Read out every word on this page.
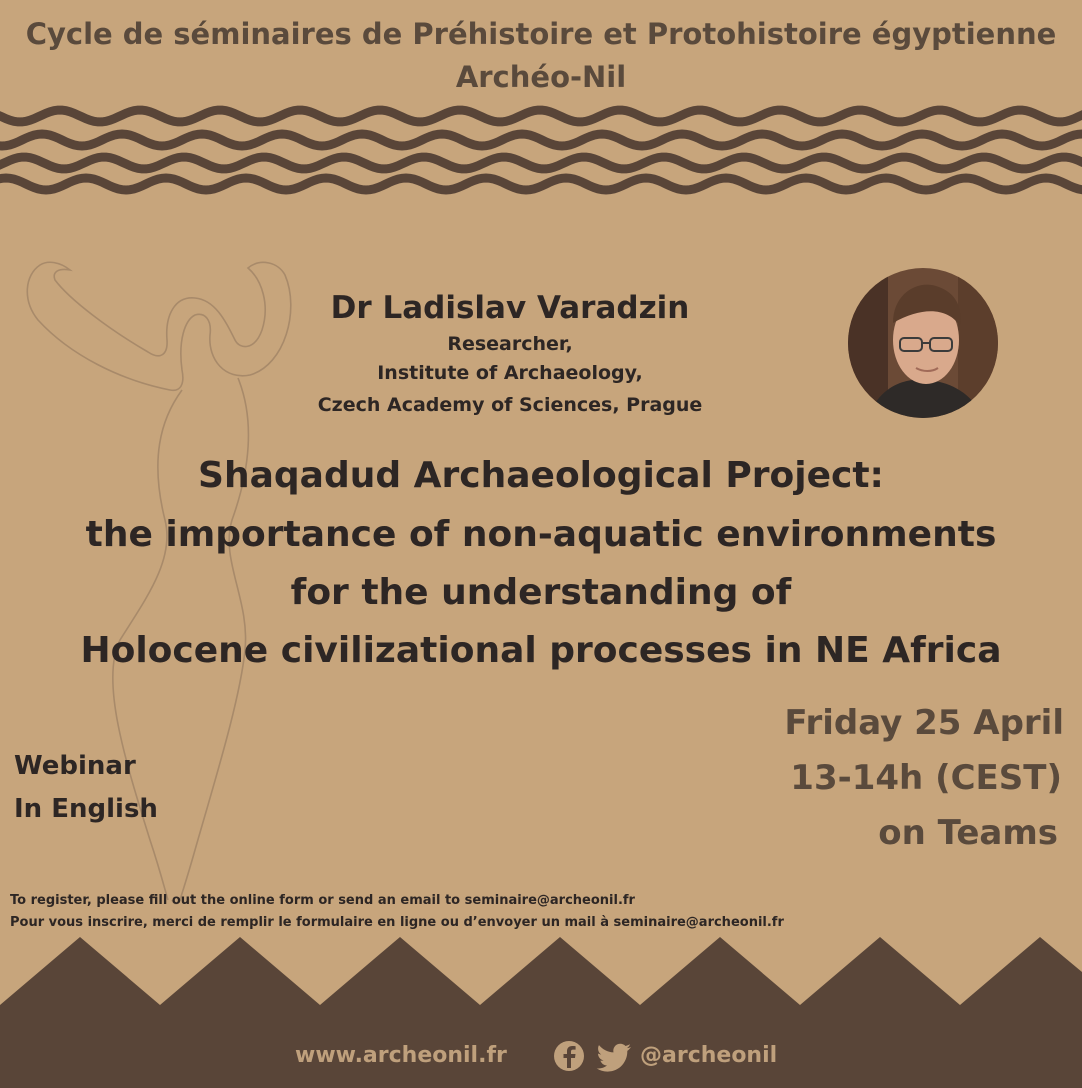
Cycle de séminaires de Préhistoire et Protohistoire égyptienne
Archéo-Nil
Dr Ladislav Varadzin
Researcher,
Institute of Archaeology,
Czech Academy of Sciences, Prague
Shaqadud Archaeological Project:
the importance of non-aquatic environments
for the understanding of
Holocene civilizational processes in NE Africa
Webinar
In English
Friday 25 April
13-14h (CEST)
on Teams
To register, please fill out the online form or send an email to seminaire@archeonil.fr
Pour vous inscrire, merci de remplir le formulaire en ligne ou d’envoyer un mail à seminaire@archeonil.fr
www.archeonil.fr	@archeonil
